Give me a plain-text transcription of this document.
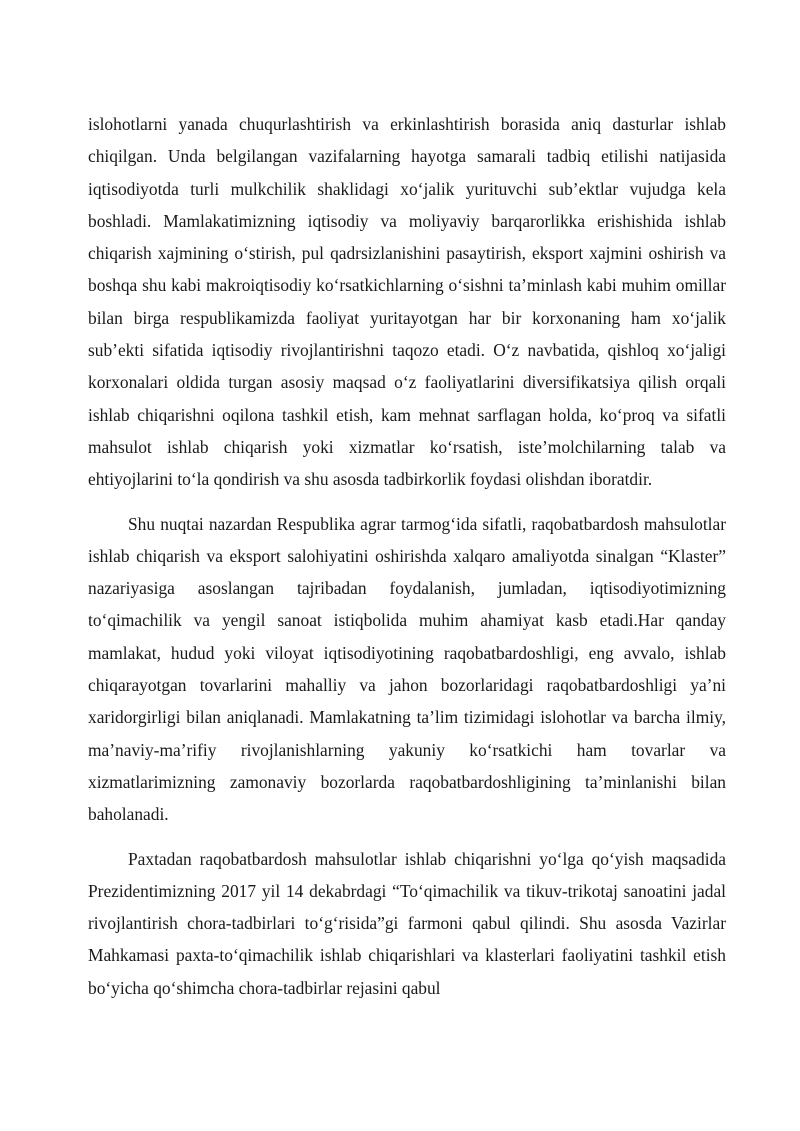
islohotlarni yanada chuqurlashtirish va erkinlashtirish borasida aniq dasturlar ishlab chiqilgan. Unda belgilangan vazifalarning hayotga samarali tadbiq etilishi natijasida iqtisodiyotda turli mulkchilik shaklidagi xo‘jalik yurituvchi sub’ektlar vujudga kela boshladi. Mamlakatimizning iqtisodiy va moliyaviy barqarorlikka erishishida ishlab chiqarish xajmining o‘stirish, pul qadrsizlanishini pasaytirish, eksport xajmini oshirish va boshqa shu kabi makroiqtisodiy ko‘rsatkichlarning o‘sishni ta’minlash kabi muhim omillar bilan birga respublikamizda faoliyat yuritayotgan har bir korxonaning ham xo‘jalik sub’ekti sifatida iqtisodiy rivojlantirishni taqozo etadi. O‘z navbatida, qishloq xo‘jaligi korxonalari oldida turgan asosiy maqsad o‘z faoliyatlarini diversifikatsiya qilish orqali ishlab chiqarishni oqilona tashkil etish, kam mehnat sarflagan holda, ko‘proq va sifatli mahsulot ishlab chiqarish yoki xizmatlar ko‘rsatish, iste’molchilarning talab va ehtiyojlarini to‘la qondirish va shu asosda tadbirkorlik foydasi olishdan iboratdir.

Shu nuqtai nazardan Respublika agrar tarmog‘ida sifatli, raqobatbardosh mahsulotlar ishlab chiqarish va eksport salohiyatini oshirishda xalqaro amaliyotda sinalgan “Klaster” nazariyasiga asoslangan tajribadan foydalanish, jumladan, iqtisodiyotimizning to‘qimachilik va yengil sanoat istiqbolida muhim ahamiyat kasb etadi.Har qanday mamlakat, hudud yoki viloyat iqtisodiyotining raqobatbardoshligi, eng avvalo, ishlab chiqarayotgan tovarlarini mahalliy va jahon bozorlaridagi raqobatbardoshligi ya’ni xaridorgirligi bilan aniqlanadi. Mamlakatning ta’lim tizimidagi islohotlar va barcha ilmiy, ma’naviy-ma’rifiy rivojlanishlarning yakuniy ko‘rsatkichi ham tovarlar va xizmatlarimizning zamonaviy bozorlarda raqobatbardoshligining ta’minlanishi bilan baholanadi.

Paxtadan raqobatbardosh mahsulotlar ishlab chiqarishni yo‘lga qo‘yish maqsadida Prezidentimizning 2017 yil 14 dekabrdagi “To‘qimachilik va tikuv-trikotaj sanoatini jadal rivojlantirish chora-tadbirlari to‘g‘risida”gi farmoni qabul qilindi. Shu asosda Vazirlar Mahkamasi paxta-to‘qimachilik ishlab chiqarishlari va klasterlari faoliyatini tashkil etish bo‘yicha qo‘shimcha chora-tadbirlar rejasini qabul
